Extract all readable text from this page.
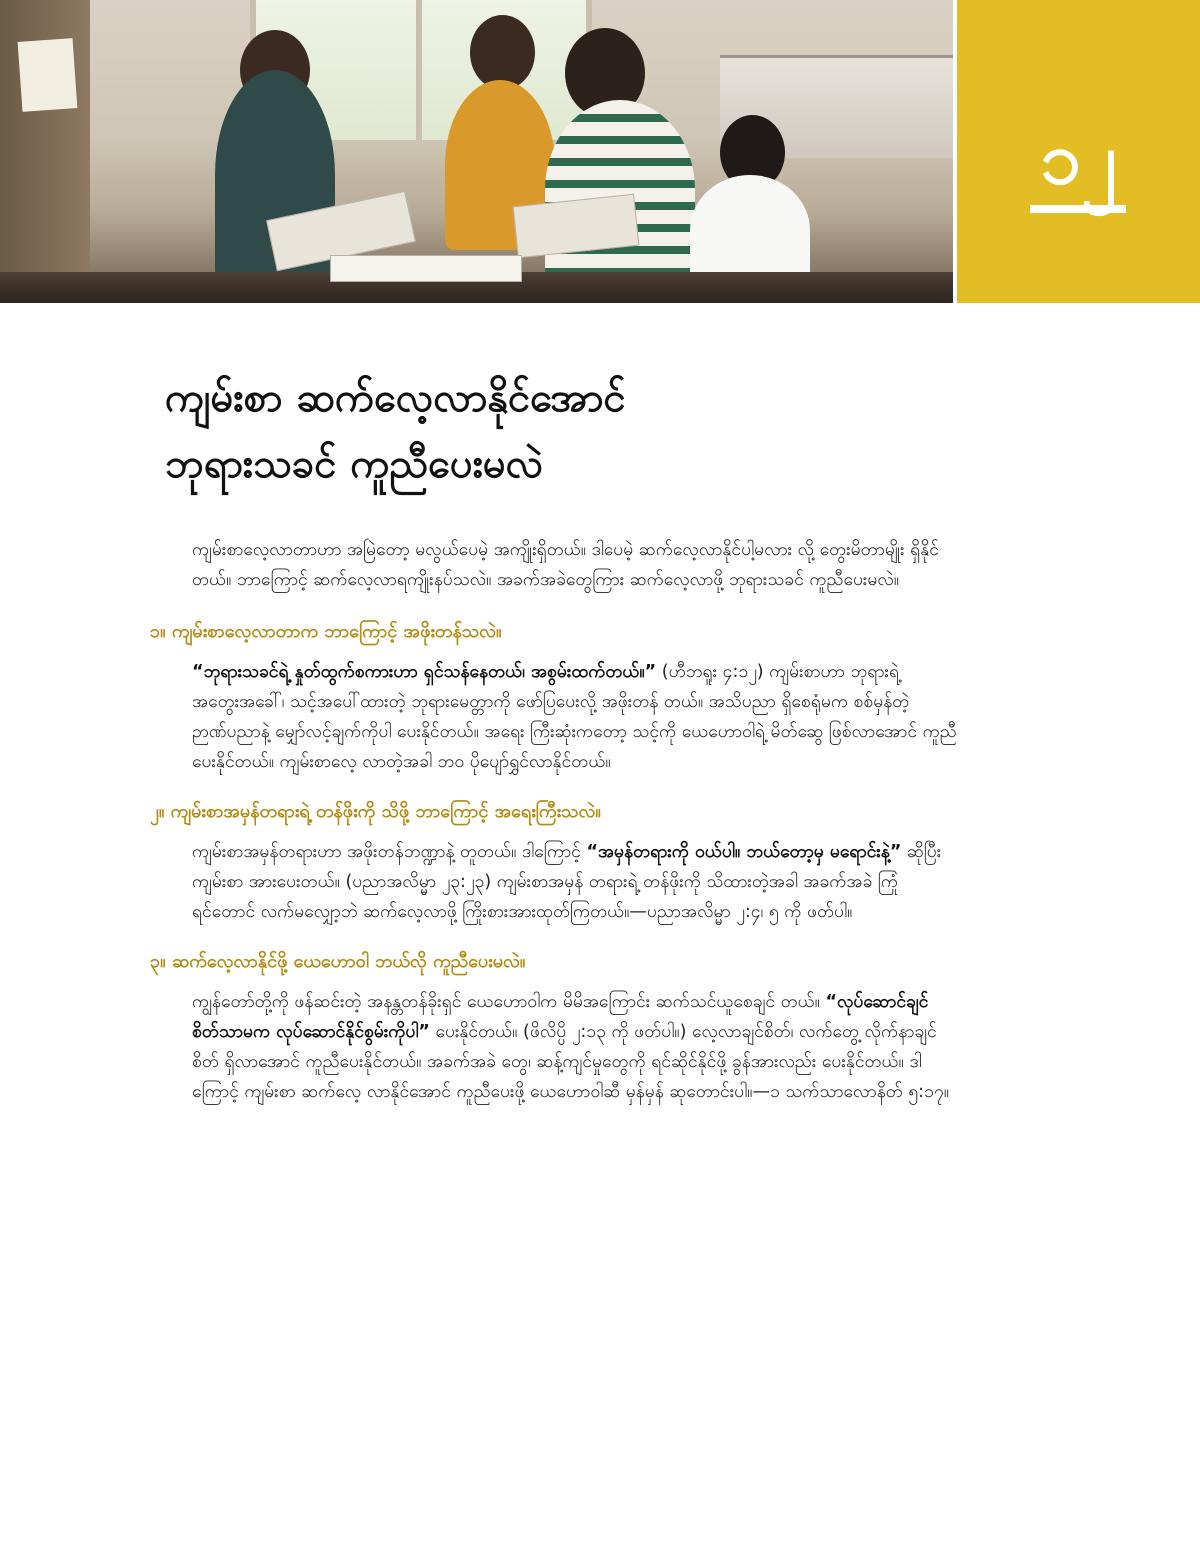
၁၂
ကျမ်းစာ ဆက်လေ့လာနိုင်အောင်
ဘုရားသခင် ကူညီပေးမလဲ

ကျမ်းစာလေ့လာတာဟာ အမြဲတော့ မလွယ်ပေမဲ့ အကျိုးရှိတယ်။ ဒါပေမဲ့ ဆက်လေ့လာနိုင်ပါ့မလား လို့ တွေးမိတာမျိုး ရှိနိုင်တယ်။ ဘာကြောင့် ဆက်လေ့လာရကျိုးနပ်သလဲ။ အခက်အခဲတွေကြား ဆက်လေ့လာဖို့ ဘုရားသခင် ကူညီပေးမလဲ။

၁။ ကျမ်းစာလေ့လာတာက ဘာကြောင့် အဖိုးတန်သလဲ။

“ဘုရားသခင်ရဲ့ နှုတ်ထွက်စကားဟာ ရှင်သန်နေတယ်၊ အစွမ်းထက်တယ်။” (ဟီဘရူး ၄:၁၂) ကျမ်းစာဟာ ဘုရားရဲ့ အတွေးအခေါ်၊ သင့်အပေါ်ထားတဲ့ ဘုရားမေတ္တာကို ဖော်ပြပေးလို့ အဖိုးတန် တယ်။ အသိပညာ ရှိစေရုံမက စစ်မှန်တဲ့ ဉာဏ်ပညာနဲ့ မျှော်လင့်ချက်ကိုပါ ပေးနိုင်တယ်။ အရေး ကြီးဆုံးကတော့ သင့်ကို ယေဟောဝါရဲ့ မိတ်ဆွေ ဖြစ်လာအောင် ကူညီပေးနိုင်တယ်။ ကျမ်းစာလေ့ လာတဲ့အခါ ဘဝ ပိုပျော်ရွှင်လာနိုင်တယ်။

၂။ ကျမ်းစာအမှန်တရားရဲ့ တန်ဖိုးကို သိဖို့ ဘာကြောင့် အရေးကြီးသလဲ။

ကျမ်းစာအမှန်တရားဟာ အဖိုးတန်ဘဏ္ဍာနဲ့ တူတယ်။ ဒါကြောင့် “အမှန်တရားကို ဝယ်ပါ။ ဘယ်တော့မှ မရောင်းနဲ့” ဆိုပြီး ကျမ်းစာ အားပေးတယ်။ (ပညာအလိမ္မာ ၂၃:၂၃) ကျမ်းစာအမှန် တရားရဲ့ တန်ဖိုးကို သိထားတဲ့အခါ အခက်အခဲ ကြုံရင်တောင် လက်မလျှော့ဘဲ ဆက်လေ့လာဖို့ ကြိုးစားအားထုတ်ကြတယ်။—ပညာအလိမ္မာ ၂:၄၊ ၅ ကို ဖတ်ပါ။

၃။ ဆက်လေ့လာနိုင်ဖို့ ယေဟောဝါ ဘယ်လို ကူညီပေးမလဲ။

ကျွန်တော်တို့ကို ဖန်ဆင်းတဲ့ အနန္တတန်ခိုးရှင် ယေဟောဝါက မိမိအကြောင်း ဆက်သင်ယူစေချင် တယ်။ “လုပ်ဆောင်ချင်စိတ်သာမက လုပ်ဆောင်နိုင်စွမ်းကိုပါ” ပေးနိုင်တယ်။ (ဖိလိပ္ပိ ၂:၁၃ ကို ဖတ်ပါ။) လေ့လာချင်စိတ်၊ လက်တွေ့ လိုက်နာချင်စိတ် ရှိလာအောင် ကူညီပေးနိုင်တယ်။ အခက်အခဲ တွေ၊ ဆန့်ကျင်မှုတွေကို ရင်ဆိုင်နိုင်ဖို့ ခွန်အားလည်း ပေးနိုင်တယ်။ ဒါကြောင့် ကျမ်းစာ ဆက်လေ့ လာနိုင်အောင် ကူညီပေးဖို့ ယေဟောဝါဆီ မှန်မှန် ဆုတောင်းပါ။—၁ သက်သာလောနိတ် ၅:၁၇။
